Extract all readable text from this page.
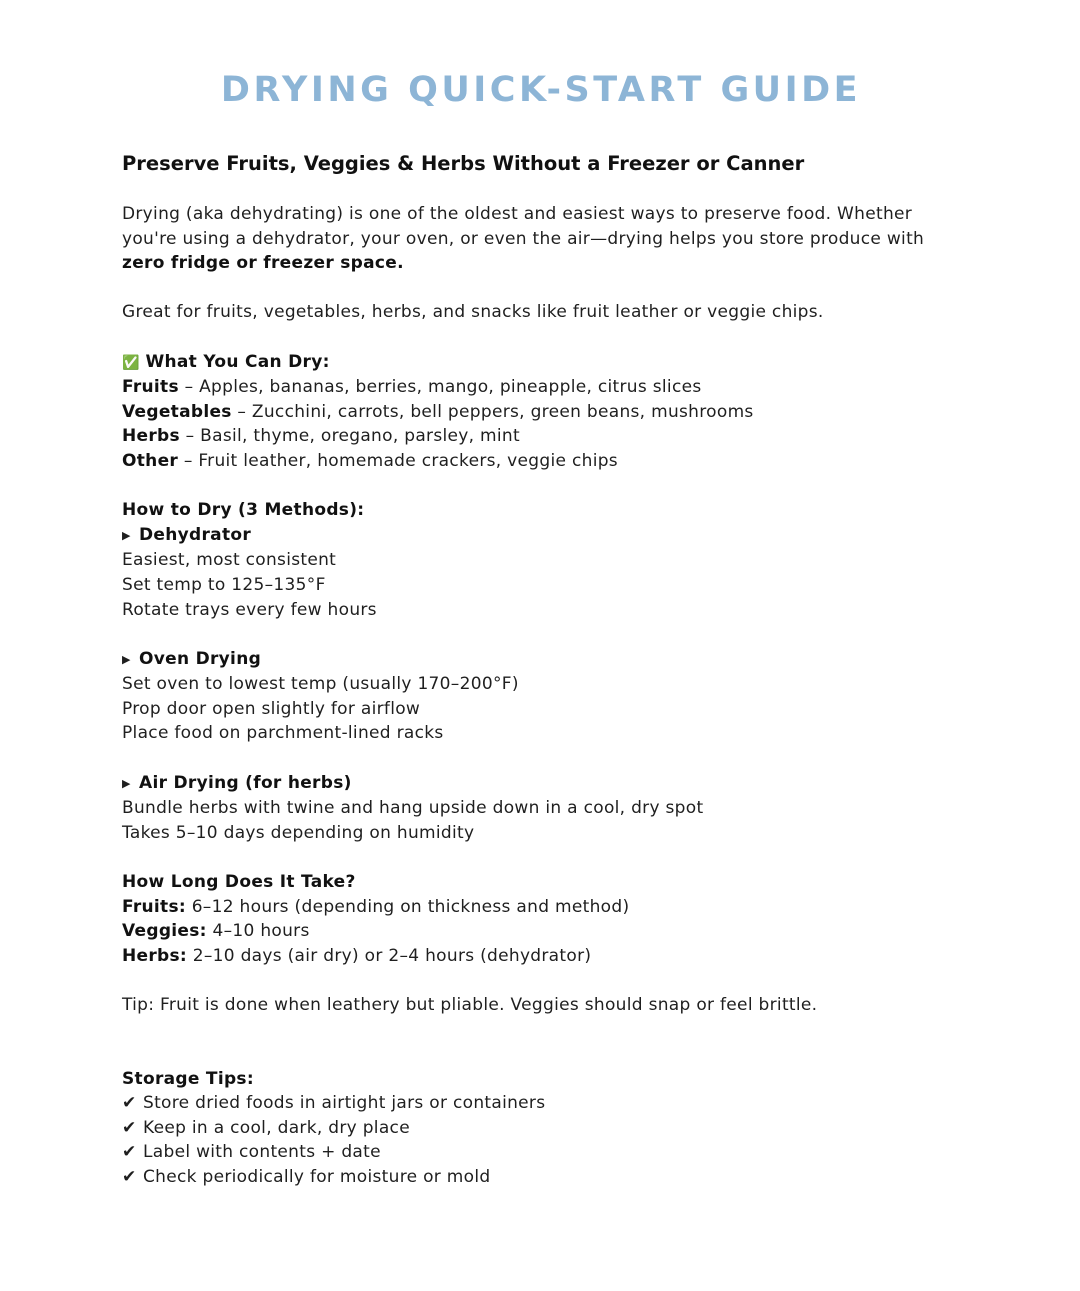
DRYING QUICK-START GUIDE
Preserve Fruits, Veggies & Herbs Without a Freezer or Canner

Drying (aka dehydrating) is one of the oldest and easiest ways to preserve food. Whether you're using a dehydrator, your oven, or even the air—drying helps you store produce with zero fridge or freezer space.

Great for fruits, vegetables, herbs, and snacks like fruit leather or veggie chips.

✅ What You Can Dry:

Fruits – Apples, bananas, berries, mango, pineapple, citrus slices

Vegetables – Zucchini, carrots, bell peppers, green beans, mushrooms

Herbs – Basil, thyme, oregano, parsley, mint

Other – Fruit leather, homemade crackers, veggie chips

How to Dry (3 Methods):

▶ Dehydrator

Easiest, most consistent

Set temp to 125–135°F

Rotate trays every few hours

▶ Oven Drying

Set oven to lowest temp (usually 170–200°F)

Prop door open slightly for airflow

Place food on parchment-lined racks

▶ Air Drying (for herbs)

Bundle herbs with twine and hang upside down in a cool, dry spot

Takes 5–10 days depending on humidity

How Long Does It Take?

Fruits: 6–12 hours (depending on thickness and method)

Veggies: 4–10 hours

Herbs: 2–10 days (air dry) or 2–4 hours (dehydrator)

Tip: Fruit is done when leathery but pliable. Veggies should snap or feel brittle.

Storage Tips:

✔ Store dried foods in airtight jars or containers

✔ Keep in a cool, dark, dry place

✔ Label with contents + date

✔ Check periodically for moisture or mold
